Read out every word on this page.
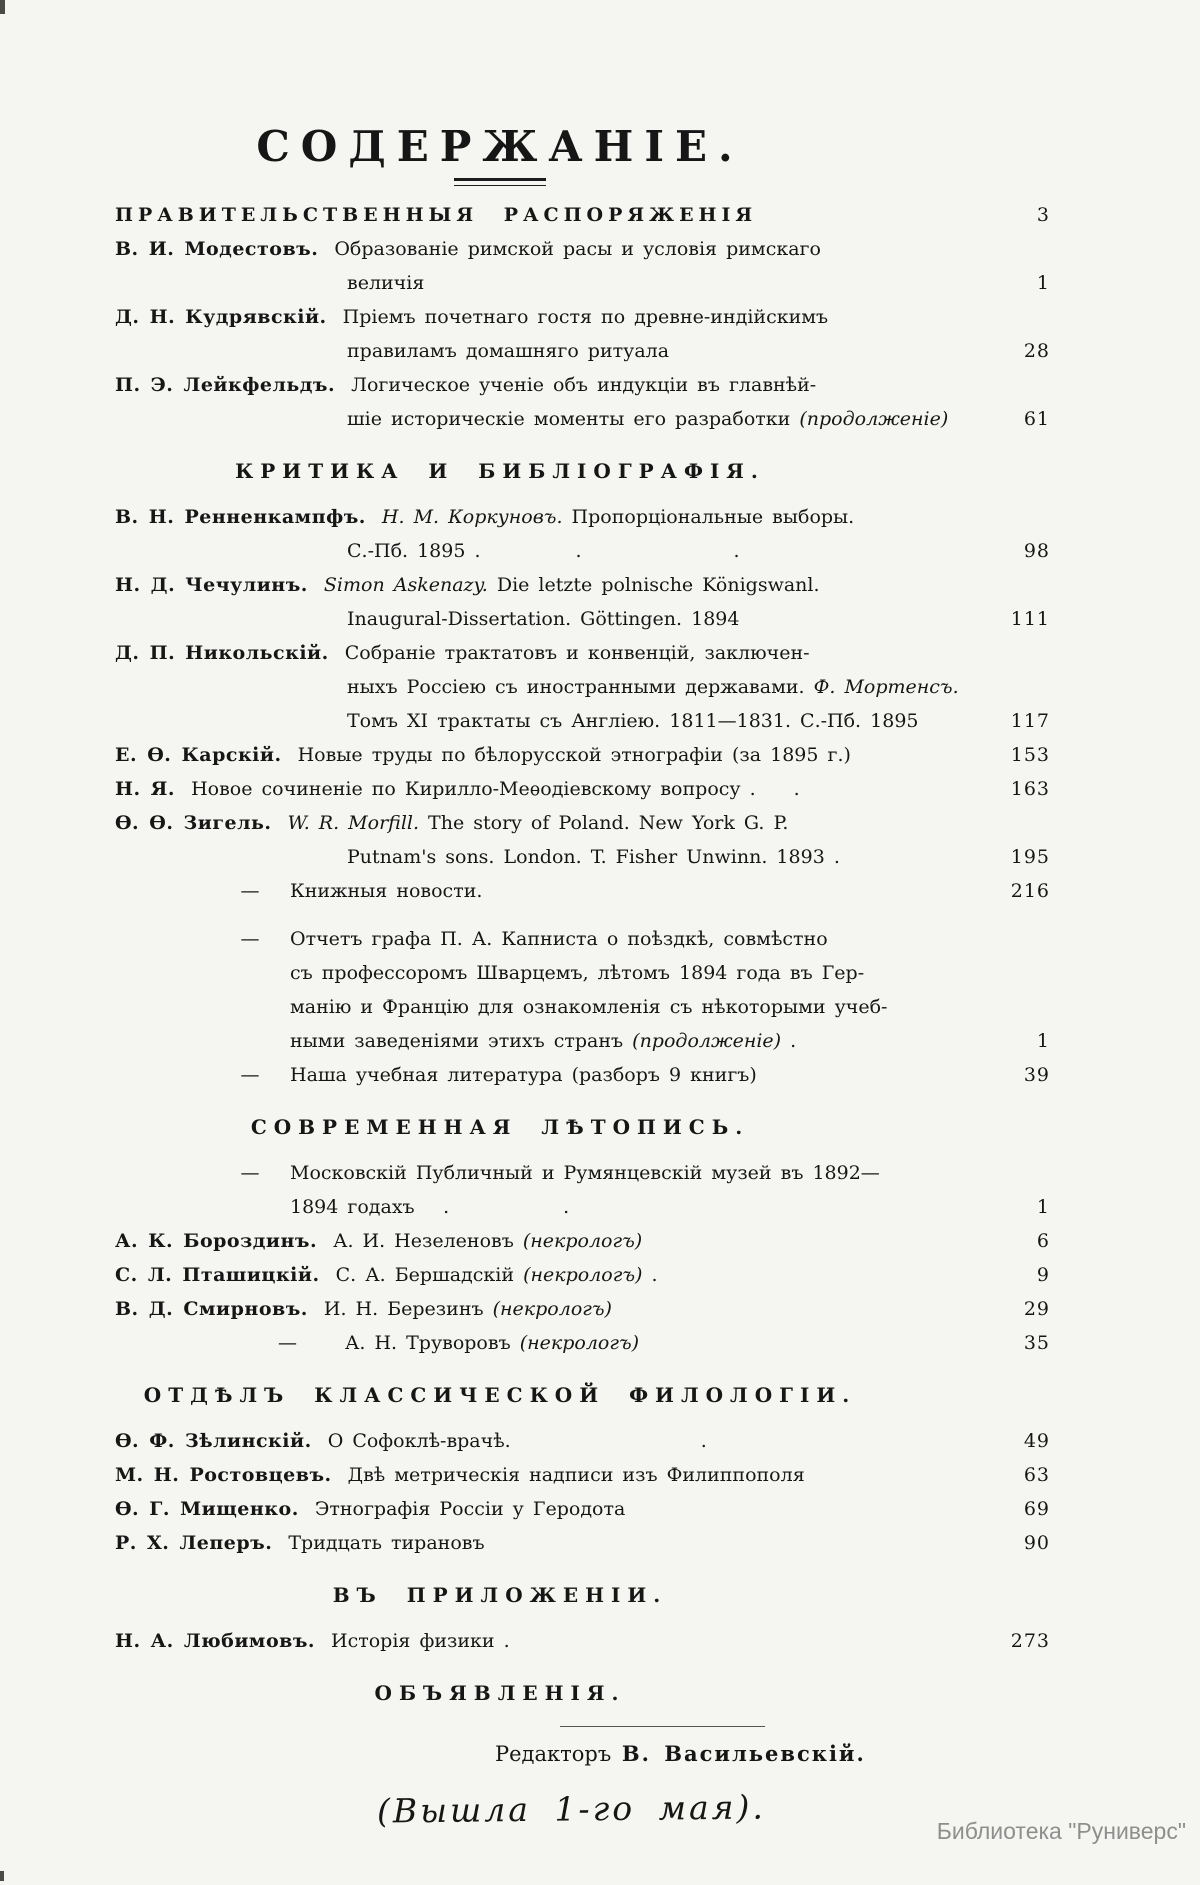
СОДЕРЖАНІЕ.
ПРАВИТЕЛЬСТВЕННЫЯ РАСПОРЯЖЕНІЯ	3
В. И. Модестовъ. Образованіе римской расы и условія римскаго
величія	1
Д. Н. Кудрявскій. Пріемъ почетнаго гостя по древне-индійскимъ
правиламъ домашняго ритуала	28
П. Э. Лейкфельдъ. Логическое ученіе объ индукціи въ главнѣй-
шіе историческіе моменты его разработки (продолженіе)	61
КРИТИКА И БИБЛІОГРАФІЯ.
В. Н. Ренненкампфъ. Н. М. Коркуновъ. Пропорціональные выборы.
С.-Пб. 1895 .     .        .	98
Н. Д. Чечулинъ. Simon Askenazy. Die letzte polnische Königswanl.
Inaugural-Dissertation. Göttingen. 1894	111
Д. П. Никольскій. Собраніе трактатовъ и конвенцій, заключен-
ныхъ Россіею съ иностранными державами. Ф. Мортенсъ.
Томъ XI трактаты съ Англіею. 1811—1831. С.-Пб. 1895	117
Е. Ѳ. Карскій. Новые труды по бѣлорусской этнографіи (за 1895 г.)	153
Н. Я. Новое сочиненіе по Кирилло-Меѳодіевскому вопросу .  .	163
Ѳ. Ѳ. Зигель. W. R. Morfill. The story of Poland. New York G. P.
Putnam's sons. London. T. Fisher Unwinn. 1893 .	195
— Книжныя новости.	216
— Отчетъ графа П. А. Капниста о поѣздкѣ, совмѣстно
съ профессоромъ Шварцемъ, лѣтомъ 1894 года въ Гер-
манію и Францію для ознакомленія съ нѣкоторыми учеб-
ными заведеніями этихъ странъ (продолженіе) .	1
— Наша учебная литература (разборъ 9 книгъ)	39
СОВРЕМЕННАЯ ЛѢТОПИСЬ.
— Московскій Публичный и Румянцевскій музей въ 1892—
1894 годахъ  .      .	1
А. К. Бороздинъ. А. И. Незеленовъ (некрологъ)	6
С. Л. Пташицкій. С. А. Бершадскій (некрологъ) .	9
В. Д. Смирновъ. И. Н. Березинъ (некрологъ)	29
—	А. Н. Труворовъ (некрологъ)	35
ОТДѢЛЪ КЛАССИЧЕСКОЙ ФИЛОЛОГІИ.
Ѳ. Ф. Зѣлинскій. О Софоклѣ-врачѣ.          .	49
М. Н. Ростовцевъ. Двѣ метрическія надписи изъ Филиппополя	63
Ѳ. Г. Мищенко. Этнографія Россіи у Геродота	69
Р. Х. Леперъ. Тридцать тирановъ	90
ВЪ ПРИЛОЖЕНІИ.
Н. А. Любимовъ. Исторія физики .	273
ОБЪЯВЛЕНІЯ.
Редакторъ В. Васильевскій.
(Вышла 1-го мая).
Библиотека "Руниверс"
